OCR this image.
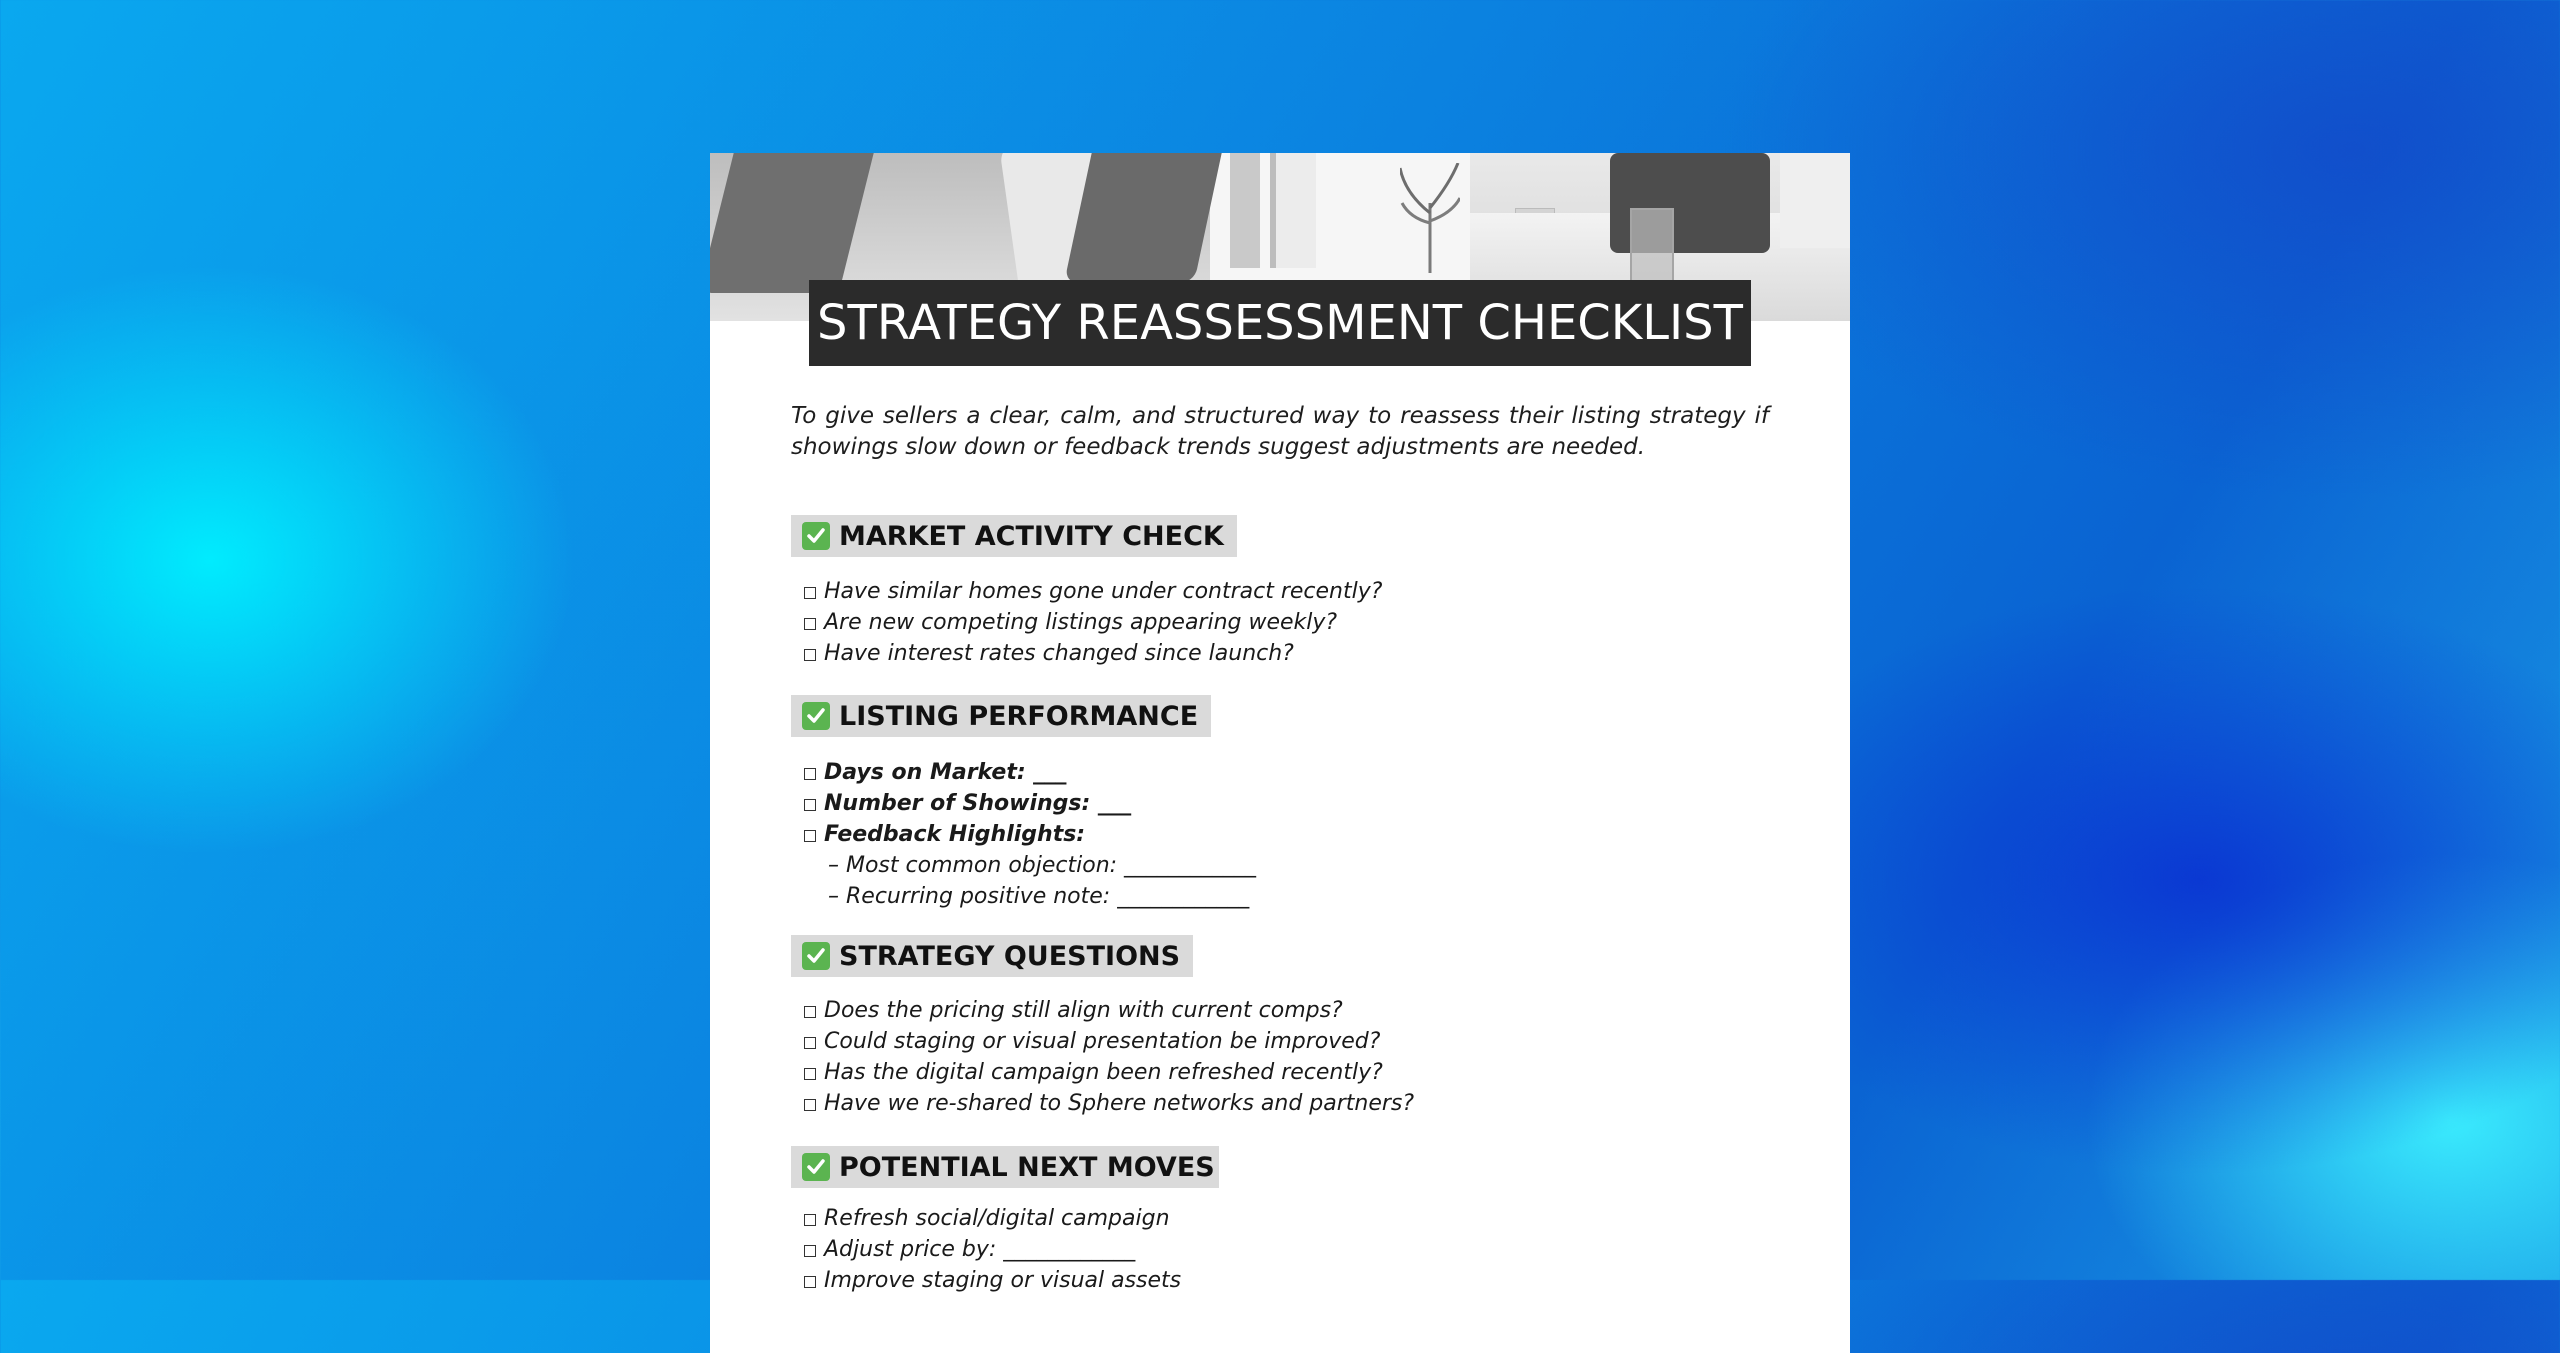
STRATEGY REASSESSMENT CHECKLIST
To give sellers a clear, calm, and structured way to reassess their listing strategy if showings slow down or feedback trends suggest adjustments are needed.
MARKET ACTIVITY CHECK
Have similar homes gone under contract recently?
Are new competing listings appearing weekly?
Have interest rates changed since launch?
LISTING PERFORMANCE
Days on Market: ___
Number of Showings: ___
Feedback Highlights:
– Most common objection: ____________
– Recurring positive note: ____________
STRATEGY QUESTIONS
Does the pricing still align with current comps?
Could staging or visual presentation be improved?
Has the digital campaign been refreshed recently?
Have we re-shared to Sphere networks and partners?
POTENTIAL NEXT MOVES
Refresh social/digital campaign
Adjust price by: ____________
Improve staging or visual assets
